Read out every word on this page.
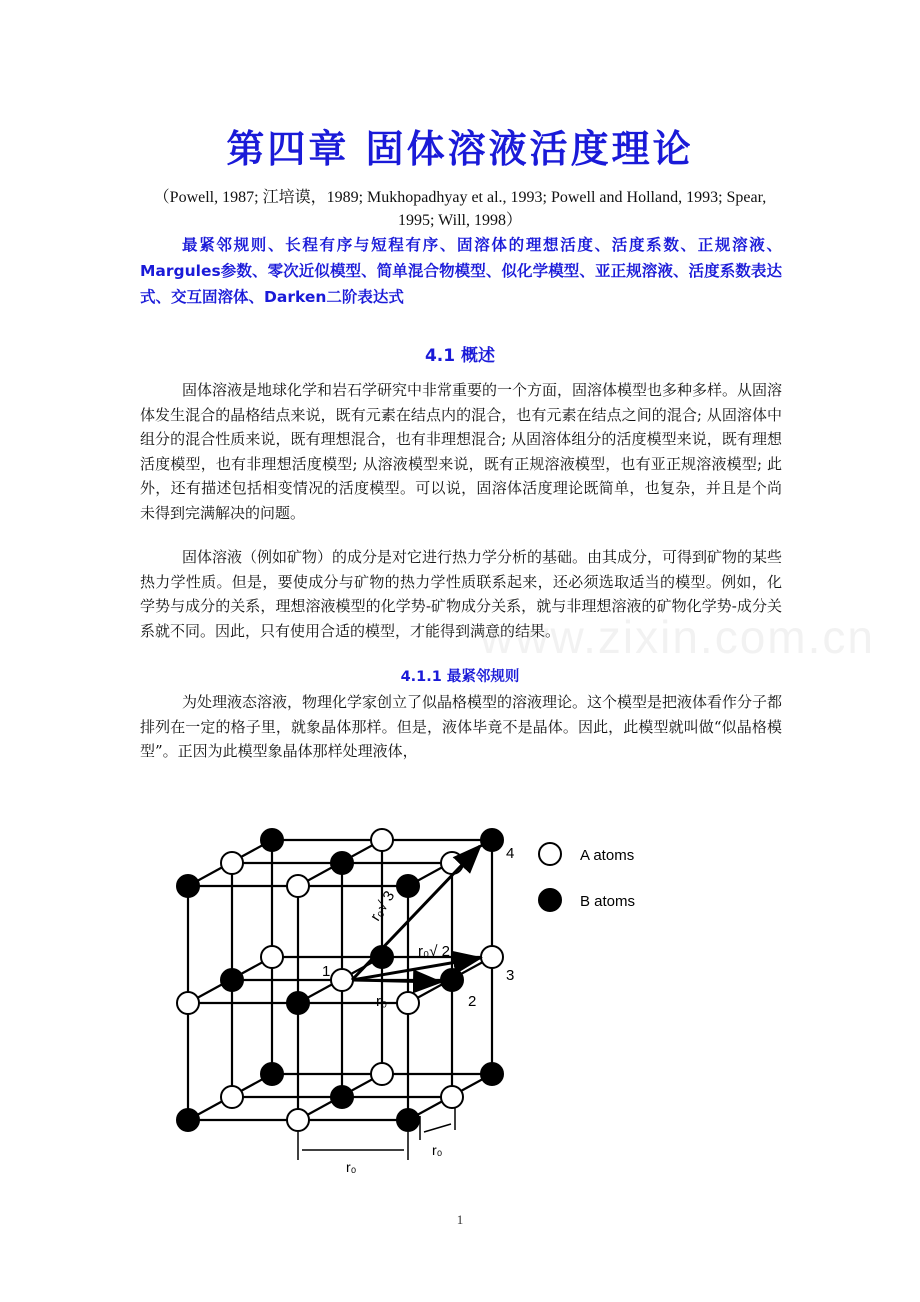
第四章 固体溶液活度理论
（Powell, 1987; 江培谟，1989; Mukhopadhyay et al., 1993; Powell and Holland, 1993; Spear, 1995; Will, 1998）
最紧邻规则、长程有序与短程有序、固溶体的理想活度、活度系数、正规溶液、Margules参数、零次近似模型、简单混合物模型、似化学模型、亚正规溶液、活度系数表达式、交互固溶体、Darken二阶表达式
4.1 概述
固体溶液是地球化学和岩石学研究中非常重要的一个方面，固溶体模型也多种多样。从固溶体发生混合的晶格结点来说，既有元素在结点内的混合，也有元素在结点之间的混合; 从固溶体中组分的混合性质来说，既有理想混合，也有非理想混合; 从固溶体组分的活度模型来说，既有理想活度模型，也有非理想活度模型; 从溶液模型来说，既有正规溶液模型，也有亚正规溶液模型; 此外，还有描述包括相变情况的活度模型。可以说，固溶体活度理论既简单，也复杂，并且是个尚未得到完满解决的问题。
固体溶液（例如矿物）的成分是对它进行热力学分析的基础。由其成分，可得到矿物的某些热力学性质。但是，要使成分与矿物的热力学性质联系起来，还必须选取适当的模型。例如，化学势与成分的关系，理想溶液模型的化学势-矿物成分关系，就与非理想溶液的矿物化学势-成分关系就不同。因此，只有使用合适的模型，才能得到满意的结果。
www.zixin.com.cn
4.1.1 最紧邻规则
为处理液态溶液，物理化学家创立了似晶格模型的溶液理论。这个模型是把液体看作分子都排列在一定的格子里，就象晶体那样。但是，液体毕竟不是晶体。因此，此模型就叫做“似晶格模型”。正因为此模型象晶体那样处理液体，
1
2
3
4
r₀
r₀√ 2
r₀√ 3
r₀
r₀
A atoms
B atoms
1
